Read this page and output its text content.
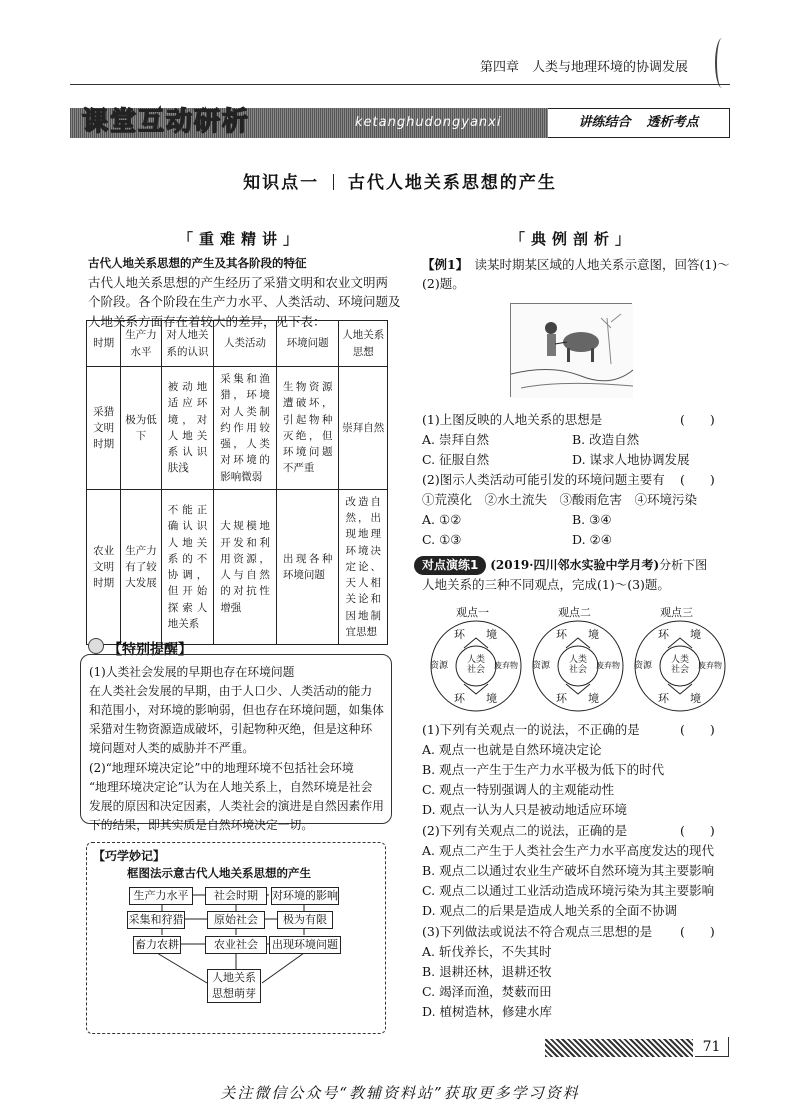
第四章　人类与地理环境的协调发展
课堂互动研析	ketanghudongyanxi	讲练结合 透析考点
知识点一 古代人地关系思想的产生
「重难精讲」

古代人地关系思想的产生及其各阶段的特征

古代人地关系思想的产生经历了采猎文明和农业文明两

个阶段。各个阶段在生产力水平、人类活动、环境问题及

人地关系方面存在着较大的差异，见下表：

时期	生产力水平	对人地关系的认识	人类活动	环境问题	人地关系思想
采猎文明时期	极为低下	被动地适应环境，对人地关系认识肤浅	采集和渔猎，环境对人类制约作用较强，人类对环境的影响微弱	生物资源遭破坏，引起物种灭绝，但环境问题不严重	崇拜自然
农业文明时期	生产力有了较大发展	不能正确认识人地关系的不协调，但开始探索人地关系	大规模地开发和利用资源，人与自然的对抗性增强	出现各种环境问题	改造自然，出现地理环境决定论、天人相关论和因地制宜思想
【特别提醒】

(1)人类社会发展的早期也存在环境问题

在人类社会发展的早期，由于人口少、人类活动的能力

和范围小，对环境的影响弱，但也存在环境问题，如集体

采猎对生物资源造成破坏，引起物种灭绝，但是这种环

境问题对人类的威胁并不严重。

(2)“地理环境决定论”中的地理环境不包括社会环境

“地理环境决定论”认为在人地关系上，自然环境是社会

发展的原因和决定因素，人类社会的演进是自然因素作用

下的结果，即其实质是自然环境决定一切。

【巧学妙记】
框图法示意古代人地关系思想的产生
生产力水平	社会时期	对环境的影响
采集和狩猎	原始社会	极为有限
畜力农耕	农业社会	出现环境问题
人地关系
思想萌芽
「典例剖析」

【例1】　 读某时期某区域的人地关系示意图，回答(1)～

(2)题。

(1)上图反映的人地关系的思想是	(　　)
A. 崇拜自然	B. 改造自然
C. 征服自然	D. 谋求人地协调发展
(2)图示人类活动可能引发的环境问题主要有 (　　)
①荒漠化　②水土流失　③酸雨危害　④环境污染
A. ①②	B. ③④
C. ①③	D. ②④

对点演练1 (2019·四川邻水实验中学月考)分析下图

人地关系的三种不同观点，完成(1)～(3)题。

观点一	观点二	观点三
环 境
人类社会
资源	废弃物
环 境
环 境
人类社会
资源	废弃物
环 境
环 境
人类社会
资源	废弃物
环 境
(1)下列有关观点一的说法，不正确的是	(　　)
A. 观点一也就是自然环境决定论
B. 观点一产生于生产力水平极为低下的时代
C. 观点一特别强调人的主观能动性
D. 观点一认为人只是被动地适应环境
(2)下列有关观点二的说法，正确的是	(　　)
A. 观点二产生于人类社会生产力水平高度发达的现代
B. 观点二以通过农业生产破坏自然环境为其主要影响
C. 观点二以通过工业活动造成环境污染为其主要影响
D. 观点二的后果是造成人地关系的全面不协调
(3)下列做法或说法不符合观点三思想的是 (　　)
A. 斩伐养长，不失其时
B. 退耕还林，退耕还牧
C. 竭泽而渔，焚薮而田
D. 植树造林，修建水库
71
关注微信公众号“教辅资料站”获取更多学习资料
